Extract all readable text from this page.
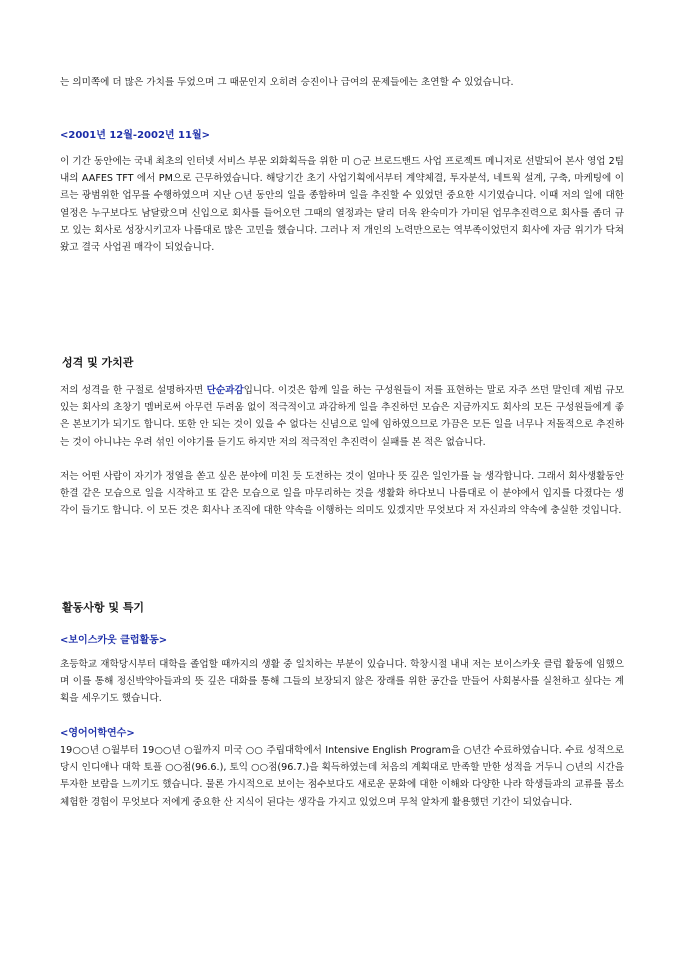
는 의미쪽에 더 많은 가치를 두었으며 그 때문인지 오히려 승진이나 급여의 문제들에는 초연할 수 있었습니다.

<2001년 12월-2002년 11월>

이 기간 동안에는 국내 최초의 인터넷 서비스 부문 외화획득을 위한 미 ○군 브로드밴드 사업 프로젝트 메니저로 선발되어 본사 영업 2팀 내의 AAFES TFT 에서 PM으로 근무하였습니다. 해당기간 초기 사업기획에서부터 계약체결, 투자분석, 네트웍 설계, 구축, 마케팅에 이르는 광범위한 업무를 수행하였으며 지난 ○년 동안의 일을 종합하며 일을 추진할 수 있었던 중요한 시기였습니다. 이때 저의 일에 대한 열정은 누구보다도 남달랐으며 신입으로 회사를 들어오던 그때의 열정과는 달리 더욱 완숙미가 가미된 업무추진력으로 회사를 좀더 규모 있는 회사로 성장시키고자 나름대로 많은 고민을 했습니다. 그러나 저 개인의 노력만으로는 역부족이었던지 회사에 자금 위기가 닥쳐왔고 결국 사업권 매각이 되었습니다.

성격 및 가치관

저의 성격을 한 구절로 설명하자면 단순과감입니다. 이것은 함께 일을 하는 구성원들이 저를 표현하는 말로 자주 쓰던 말인데 제법 규모 있는 회사의 초창기 멤버로써 아무런 두려움 없이 적극적이고 과감하게 일을 추진하던 모습은 지금까지도 회사의 모든 구성원들에게 좋은 본보기가 되기도 합니다. 또한 안 되는 것이 있을 수 없다는 신념으로 일에 임하였으므로 가끔은 모든 일을 너무나 저돌적으로 추진하는 것이 아니냐는 우려 섞인 이야기를 듣기도 하지만 저의 적극적인 추진력이 실패를 본 적은 없습니다.

저는 어떤 사람이 자기가 정열을 쏟고 싶은 분야에 미친 듯 도전하는 것이 얼마나 뜻 깊은 일인가를 늘 생각합니다. 그래서 회사생활동안 한결 같은 모습으로 일을 시작하고 또 같은 모습으로 일을 마무리하는 것을 생활화 하다보니 나름대로 이 분야에서 입지를 다졌다는 생각이 들기도 합니다. 이 모든 것은 회사나 조직에 대한 약속을 이행하는 의미도 있겠지만 무엇보다 저 자신과의 약속에 충실한 것입니다.

활동사항 및 특기

<보이스카웃 클럽활동>

초등학교 재학당시부터 대학을 졸업할 때까지의 생활 중 일치하는 부분이 있습니다. 학창시절 내내 저는 보이스카웃 클럽 활동에 임했으며 이를 통해 정신박약아들과의 뜻 깊은 대화를 통해 그들의 보장되지 않은 장래를 위한 공간을 만들어 사회봉사를 실천하고 싶다는 계획을 세우기도 했습니다.

<영어어학연수>

19○○년 ○월부터 19○○년 ○월까지 미국 ○○ 주립대학에서 Intensive English Program을 ○년간 수료하였습니다. 수료 성적으로 당시 인디애나 대학 토플 ○○점(96.6.), 토익 ○○점(96.7.)을 획득하였는데 처음의 계획대로 만족할 만한 성적을 거두니 ○년의 시간을 투자한 보람을 느끼기도 했습니다. 물론 가시적으로 보이는 점수보다도 새로운 문화에 대한 이해와 다양한 나라 학생들과의 교류를 몸소 체험한 경험이 무엇보다 저에게 중요한 산 지식이 된다는 생각을 가지고 있었으며 무척 알차게 활용했던 기간이 되었습니다.
